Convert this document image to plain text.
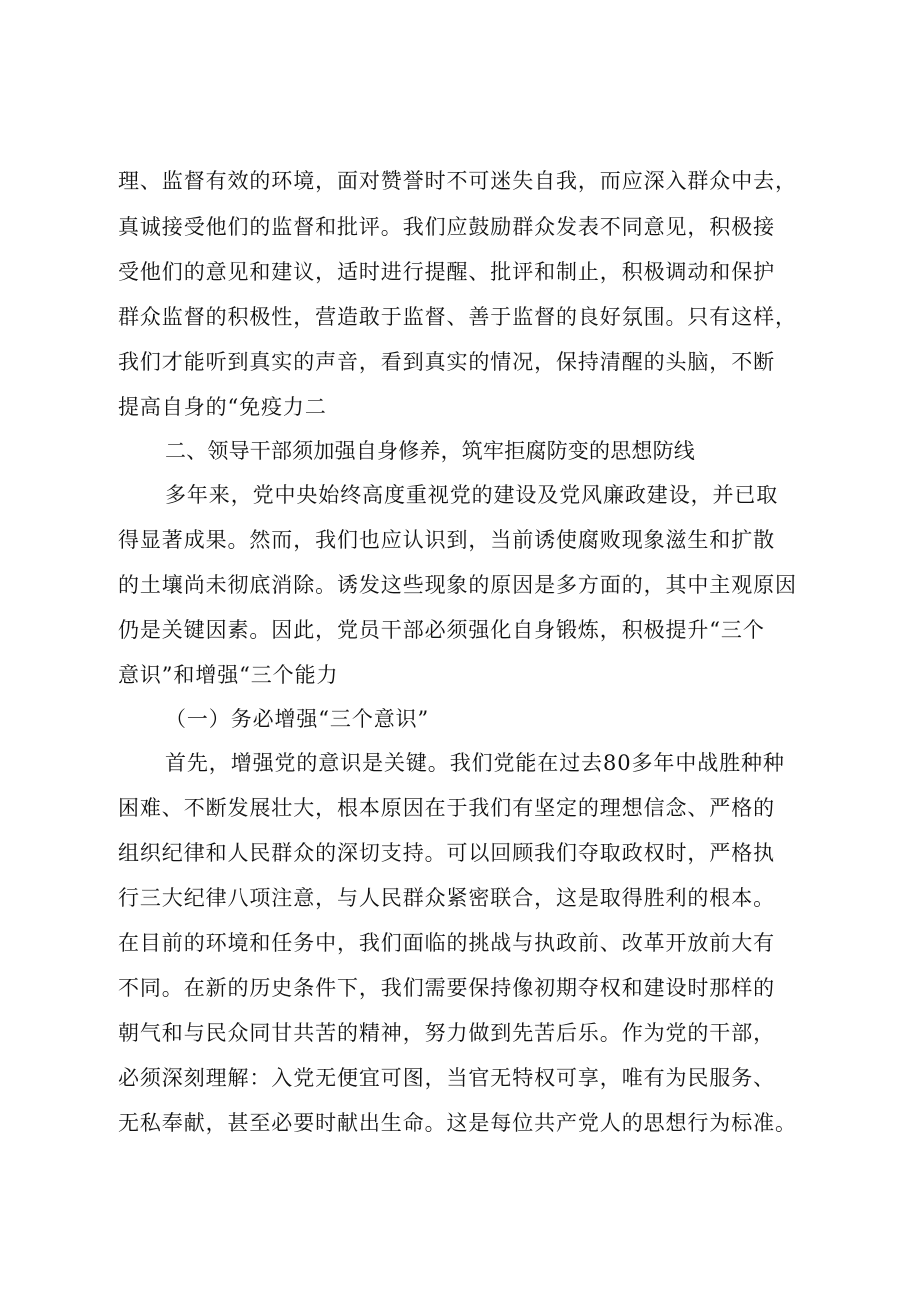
理、监督有效的环境，面对赞誉时不可迷失自我，而应深入群众中去，
真诚接受他们的监督和批评。我们应鼓励群众发表不同意见，积极接
受他们的意见和建议，适时进行提醒、批评和制止，积极调动和保护
群众监督的积极性，营造敢于监督、善于监督的良好氛围。只有这样，
我们才能听到真实的声音，看到真实的情况，保持清醒的头脑，不断
提高自身的“免疫力二
二、领导干部须加强自身修养，筑牢拒腐防变的思想防线
多年来，党中央始终高度重视党的建设及党风廉政建设，并已取
得显著成果。然而，我们也应认识到，当前诱使腐败现象滋生和扩散
的土壤尚未彻底消除。诱发这些现象的原因是多方面的，其中主观原因
仍是关键因素。因此，党员干部必须强化自身锻炼，积极提升“三个
意识”和增强“三个能力
（一）务必增强“三个意识”
首先，增强党的意识是关键。我们党能在过去80多年中战胜种种
困难、不断发展壮大，根本原因在于我们有坚定的理想信念、严格的
组织纪律和人民群众的深切支持。可以回顾我们夺取政权时，严格执
行三大纪律八项注意，与人民群众紧密联合，这是取得胜利的根本。
在目前的环境和任务中，我们面临的挑战与执政前、改革开放前大有
不同。在新的历史条件下，我们需要保持像初期夺权和建设时那样的
朝气和与民众同甘共苦的精神，努力做到先苦后乐。作为党的干部，
必须深刻理解：入党无便宜可图，当官无特权可享，唯有为民服务、
无私奉献，甚至必要时献出生命。这是每位共产党人的思想行为标准。
